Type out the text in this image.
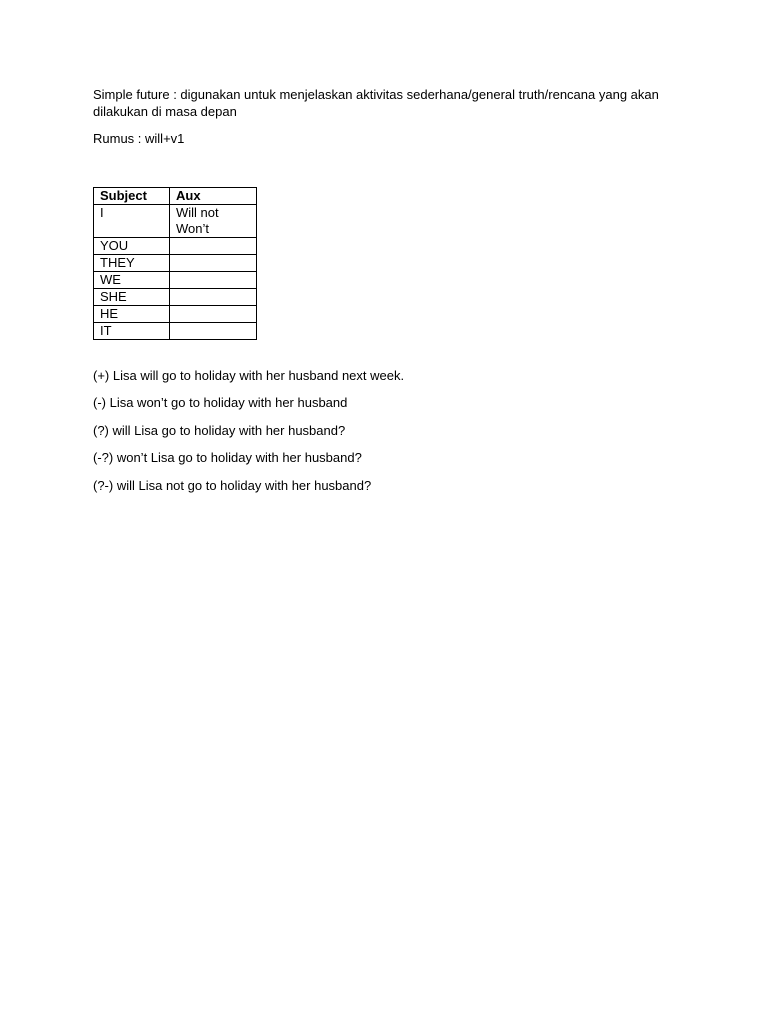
Simple future : digunakan untuk menjelaskan aktivitas sederhana/general truth/rencana yang akan dilakukan di masa depan

Rumus : will+v1

Subject	Aux
I	Will not
Won’t

YOU	
THEY	
WE	
SHE	
HE	
IT	
(+) Lisa will go to holiday with her husband next week.
(-) Lisa won’t go to holiday with her husband
(?) will Lisa go to holiday with her husband?
(-?) won’t Lisa go to holiday with her husband?
(?-) will Lisa not go to holiday with her husband?
